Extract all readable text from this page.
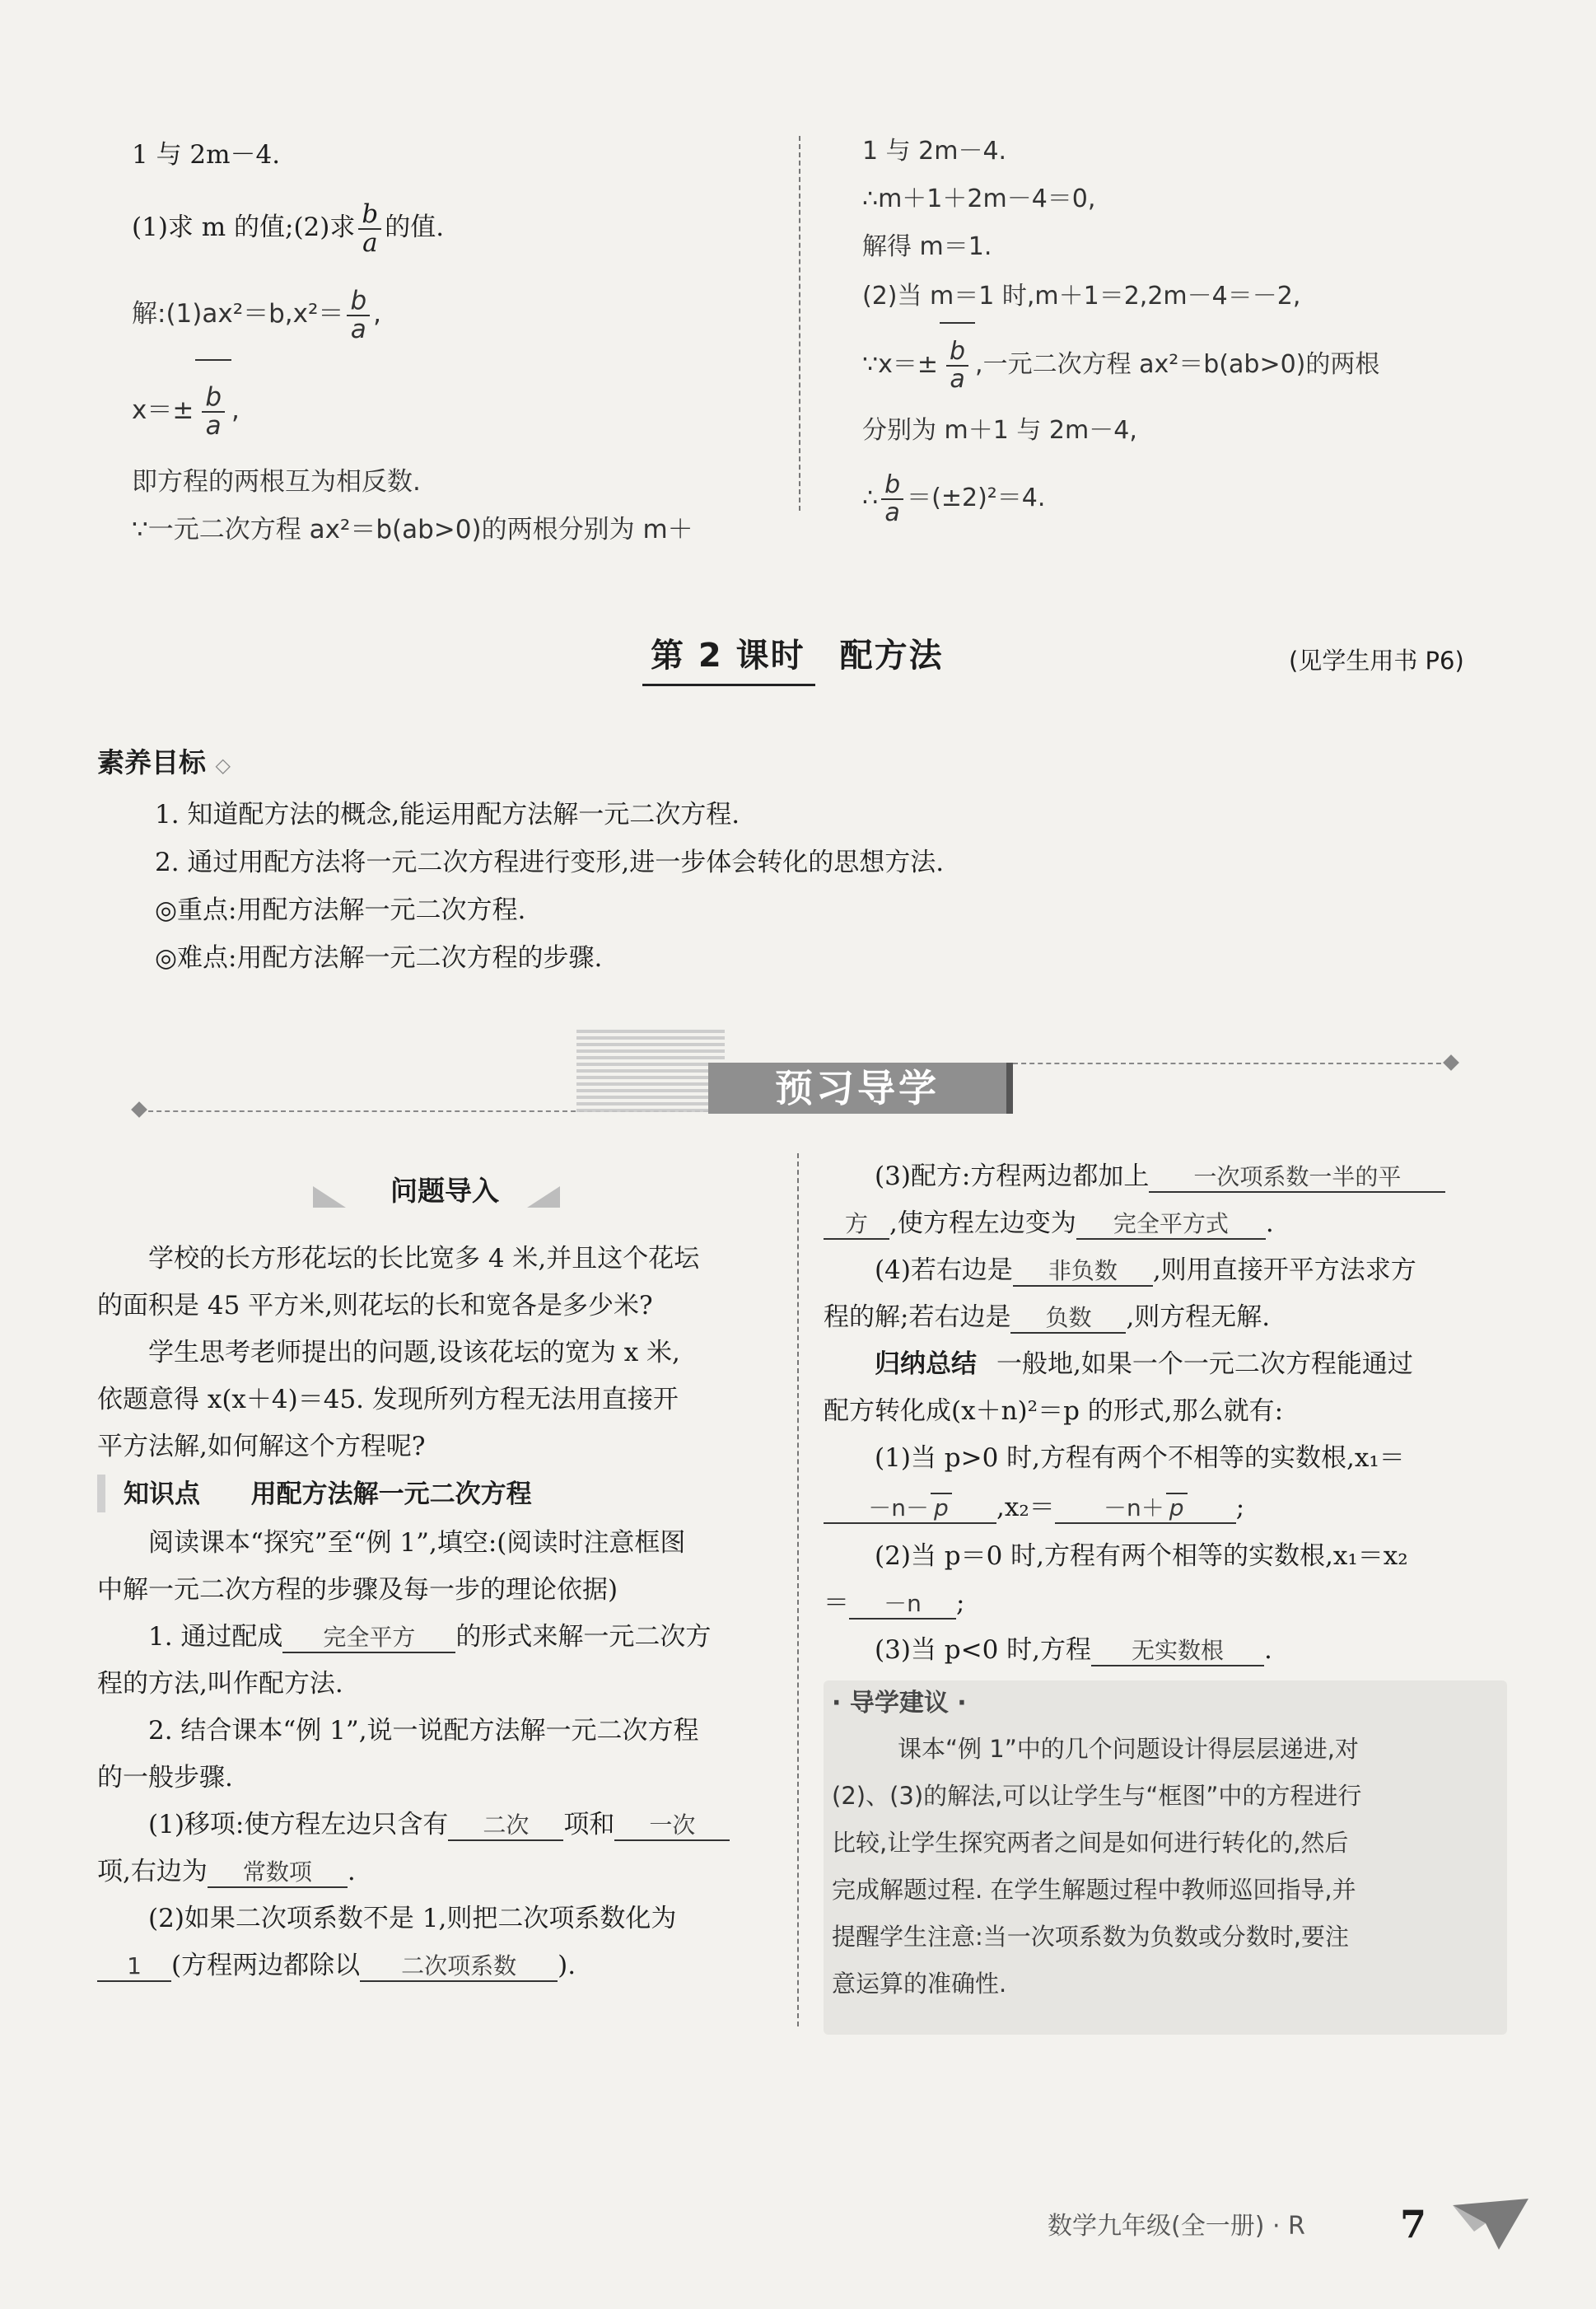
1 与 2m－4.
(1)求 m 的值;(2)求 $\frac{b}{a}$ 的值.
解:(1)ax²＝b,x²＝ $\frac{b}{a}$ ,
$x=\pm \frac{b}{a}$ ,
即方程的两根互为相反数.
∵一元二次方程 ax²＝b(ab>0)的两根分别为 m＋
1 与 2m－4.
∴m＋1＋2m－4＝0,
解得 m＝1.
(2)当 m＝1 时,m＋1＝2,2m－4＝－2,
∵x＝± $\frac{b}{a}$ ,一元二次方程 ax²＝b(ab>0)的两根
分别为 m＋1 与 2m－4,
∴ $\frac{b}{a} =(\pm 2)^2=4$.
第 2 课时　配方法	(见学生用书 P6)
素养目标 ◇
1. 知道配方法的概念,能运用配方法解一元二次方程.
2. 通过用配方法将一元二次方程进行变形,进一步体会转化的思想方法.
◎重点:用配方法解一元二次方程.
◎难点:用配方法解一元二次方程的步骤.
预习导学
问题导入
学校的长方形花坛的长比宽多 4 米,并且这个花坛
的面积是 45 平方米,则花坛的长和宽各是多少米?
学生思考老师提出的问题,设该花坛的宽为 x 米,
依题意得 x(x＋4)＝45. 发现所列方程无法用直接开
平方法解,如何解这个方程呢?
知识点 用配方法解一元二次方程
阅读课本“探究”至“例 1”,填空:(阅读时注意框图
中解一元二次方程的步骤及每一步的理论依据)
1. 通过配成 完全平方 的形式来解一元二次方
程的方法,叫作配方法.
2. 结合课本“例 1”,说一说配方法解一元二次方程
的一般步骤.
(1)移项:使方程左边只含有 二次 项和 一次
项,右边为 常数项 .
(2)如果二次项系数不是 1,则把二次项系数化为
1 (方程两边都除以 二次项系数 ).
(3)配方:方程两边都加上 一次项系数一半的平
方 ,使方程左边变为 完全平方式 .
(4)若右边是 非负数 ,则用直接开平方法求方
程的解;若右边是 负数 ,则方程无解.
归纳总结 一般地,如果一个一元二次方程能通过
配方转化成(x＋n)²＝p 的形式,那么就有:
(1)当 p>0 时,方程有两个不相等的实数根,x₁＝
－n－ p ,x₂＝ －n＋ p ;
(2)当 p＝0 时,方程有两个相等的实数根,x₁＝x₂
＝ －n ;
(3)当 p<0 时,方程 无实数根 .
· 导学建议 ·
课本“例 1”中的几个问题设计得层层递进,对
(2)、(3)的解法,可以让学生与“框图”中的方程进行
比较,让学生探究两者之间是如何进行转化的,然后
完成解题过程. 在学生解题过程中教师巡回指导,并
提醒学生注意:当一次项系数为负数或分数时,要注
意运算的准确性.
数学九年级(全一册) · R	7
